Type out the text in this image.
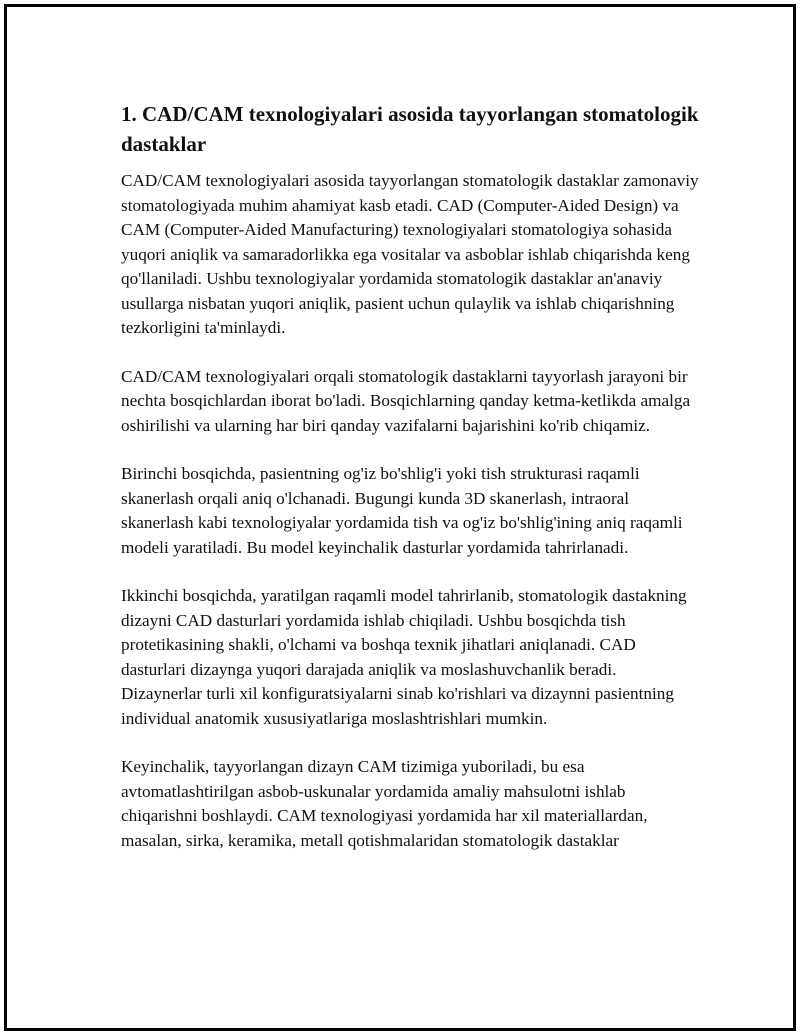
1. CAD/CAM texnologiyalari asosida tayyorlangan stomatologik dastaklar

CAD/CAM texnologiyalari asosida tayyorlangan stomatologik dastaklar zamonaviy stomatologiyada muhim ahamiyat kasb etadi. CAD (Computer-Aided Design) va CAM (Computer-Aided Manufacturing) texnologiyalari stomatologiya sohasida yuqori aniqlik va samaradorlikka ega vositalar va asboblar ishlab chiqarishda keng qo'llaniladi. Ushbu texnologiyalar yordamida stomatologik dastaklar an'anaviy usullarga nisbatan yuqori aniqlik, pasient uchun qulaylik va ishlab chiqarishning tezkorligini ta'minlaydi.

CAD/CAM texnologiyalari orqali stomatologik dastaklarni tayyorlash jarayoni bir nechta bosqichlardan iborat bo'ladi. Bosqichlarning qanday ketma-ketlikda amalga oshirilishi va ularning har biri qanday vazifalarni bajarishini ko'rib chiqamiz.

Birinchi bosqichda, pasientning og'iz bo'shlig'i yoki tish strukturasi raqamli skanerlash orqali aniq o'lchanadi. Bugungi kunda 3D skanerlash, intraoral skanerlash kabi texnologiyalar yordamida tish va og'iz bo'shlig'ining aniq raqamli modeli yaratiladi. Bu model keyinchalik dasturlar yordamida tahrirlanadi.

Ikkinchi bosqichda, yaratilgan raqamli model tahrirlanib, stomatologik dastakning dizayni CAD dasturlari yordamida ishlab chiqiladi. Ushbu bosqichda tish protetikasining shakli, o'lchami va boshqa texnik jihatlari aniqlanadi. CAD dasturlari dizaynga yuqori darajada aniqlik va moslashuvchanlik beradi. Dizaynerlar turli xil konfiguratsiyalarni sinab ko'rishlari va dizaynni pasientning individual anatomik xususiyatlariga moslashtrishlari mumkin.

Keyinchalik, tayyorlangan dizayn CAM tizimiga yuboriladi, bu esa avtomatlashtirilgan asbob-uskunalar yordamida amaliy mahsulotni ishlab chiqarishni boshlaydi. CAM texnologiyasi yordamida har xil materiallardan, masalan, sirka, keramika, metall qotishmalaridan stomatologik dastaklar
